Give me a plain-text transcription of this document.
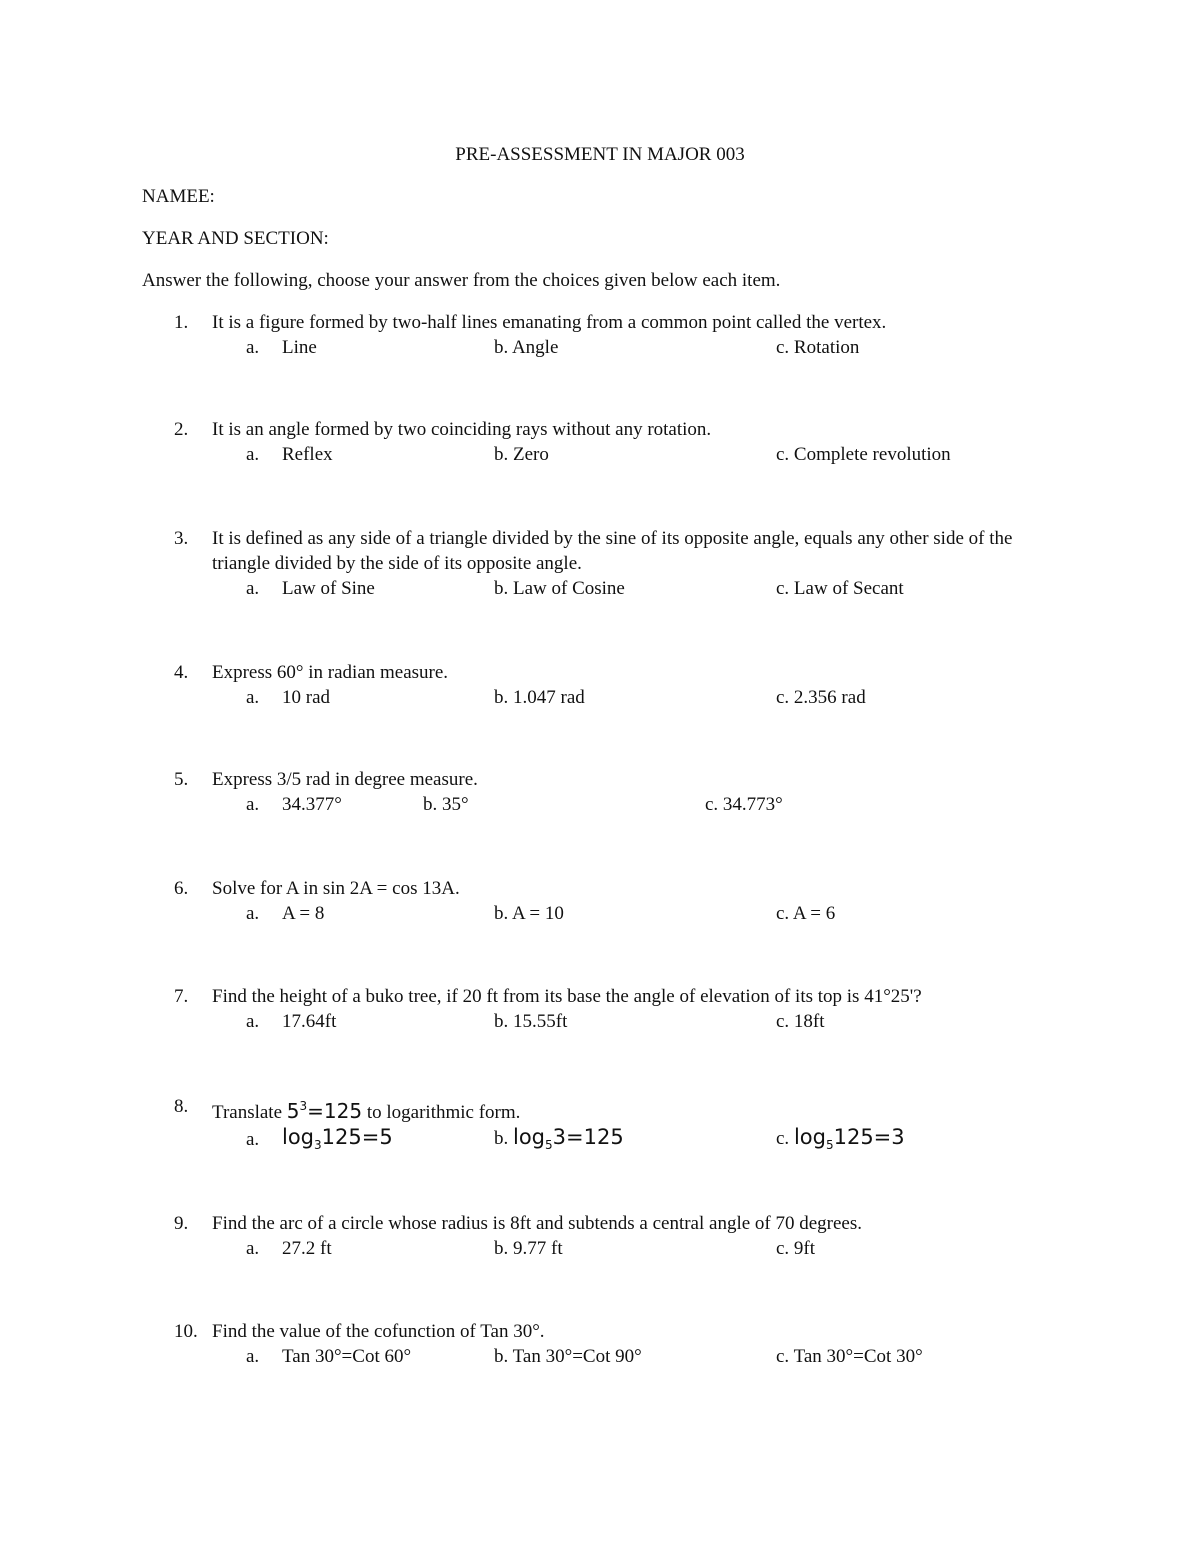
PRE-ASSESSMENT IN MAJOR 003
NAMEE:
YEAR AND SECTION:
Answer the following, choose your answer from the choices given below each item.
1.	It is a figure formed by two-half lines emanating from a common point called the vertex.
a. Line	b. Angle	c. Rotation
2.	It is an angle formed by two coinciding rays without any rotation.
a. Reflex	b. Zero	c. Complete revolution
3.	It is defined as any side of a triangle divided by the sine of its opposite angle, equals any other side of the triangle divided by the side of its opposite angle.
a. Law of Sine	b. Law of Cosine	c. Law of Secant
4.	Express 60° in radian measure.
a. 10 rad	b. 1.047 rad	c. 2.356 rad
5.	Express 3/5 rad in degree measure.
a. 34.377°	b. 35°	c. 34.773°
6.	Solve for A in sin 2A = cos 13A.
a. A = 8	b. A = 10	c. A = 6
7.	Find the height of a buko tree, if 20 ft from its base the angle of elevation of its top is 41°25'?
a. 17.64ft	b. 15.55ft	c. 18ft
8.	Translate $5^3=125$ to logarithmic form.
a. $\log_3125=5$	b. $\log_53=125$	c. $\log_5125=3$
9.	Find the arc of a circle whose radius is 8ft and subtends a central angle of 70 degrees.
a. 27.2 ft	b. 9.77 ft	c. 9ft
10. Find the value of the cofunction of Tan 30°.
a. Tan 30°=Cot 60°	b. Tan 30°=Cot 90°	c. Tan 30°=Cot 30°
